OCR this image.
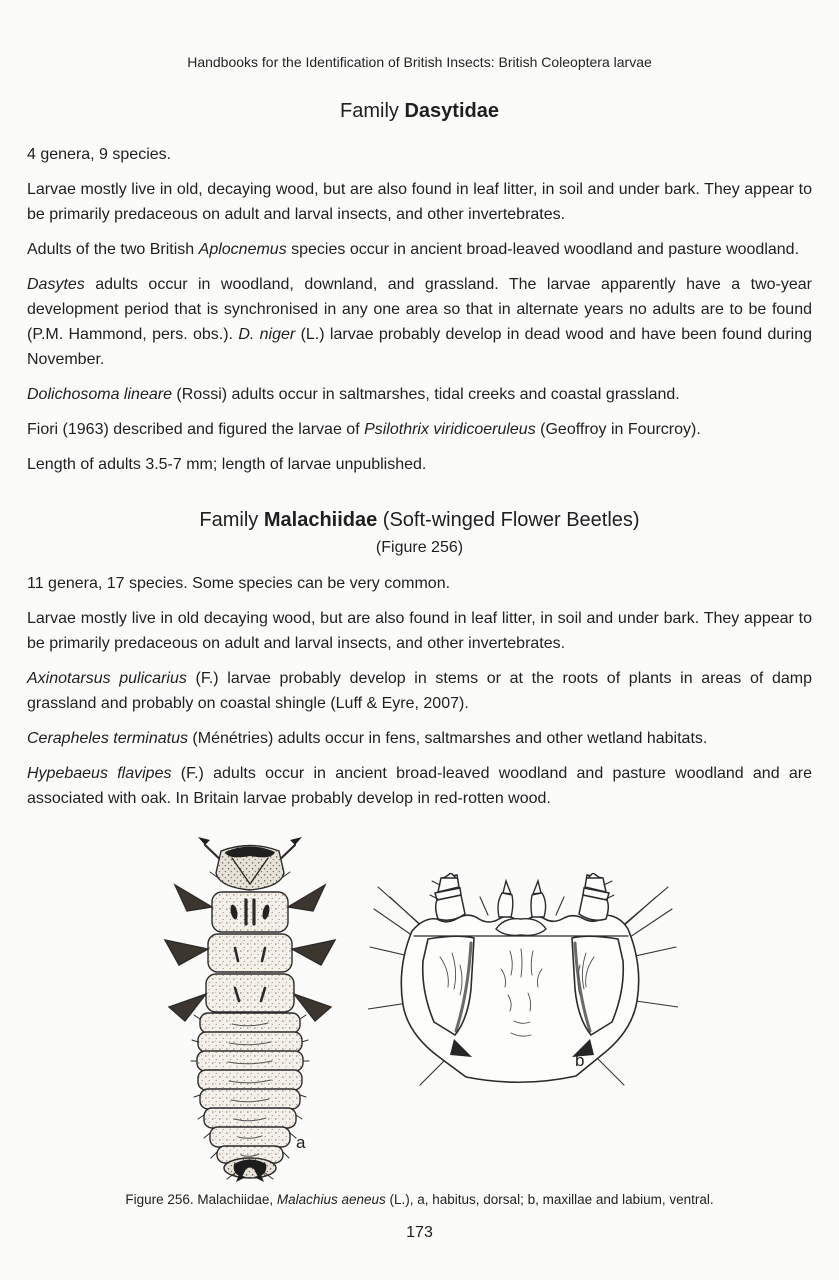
Handbooks for the Identification of British Insects: British Coleoptera larvae
Family Dasytidae

4 genera, 9 species.

Larvae mostly live in old, decaying wood, but are also found in leaf litter, in soil and under bark. They appear to be primarily predaceous on adult and larval insects, and other invertebrates.

Adults of the two British Aplocnemus species occur in ancient broad-leaved woodland and pasture woodland.

Dasytes adults occur in woodland, downland, and grassland. The larvae apparently have a two-year development period that is synchronised in any one area so that in alternate years no adults are to be found (P.M. Hammond, pers. obs.). D. niger (L.) larvae probably develop in dead wood and have been found during November.

Dolichosoma lineare (Rossi) adults occur in saltmarshes, tidal creeks and coastal grassland.

Fiori (1963) described and figured the larvae of Psilothrix viridicoeruleus (Geoffroy in Fourcroy).

Length of adults 3.5-7 mm; length of larvae unpublished.

Family Malachiidae (Soft-winged Flower Beetles)
(Figure 256)

11 genera, 17 species. Some species can be very common.

Larvae mostly live in old decaying wood, but are also found in leaf litter, in soil and under bark. They appear to be primarily predaceous on adult and larval insects, and other invertebrates.

Axinotarsus pulicarius (F.) larvae probably develop in stems or at the roots of plants in areas of damp grassland and probably on coastal shingle (Luff & Eyre, 2007).

Cerapheles terminatus (Ménétries) adults occur in fens, saltmarshes and other wetland habitats.

Hypebaeus flavipes (F.) adults occur in ancient broad-leaved woodland and pasture woodland and are associated with oak. In Britain larvae probably develop in red-rotten wood.

a
b
Figure 256. Malachiidae, Malachius aeneus (L.), a, habitus, dorsal; b, maxillae and labium, ventral.
173
